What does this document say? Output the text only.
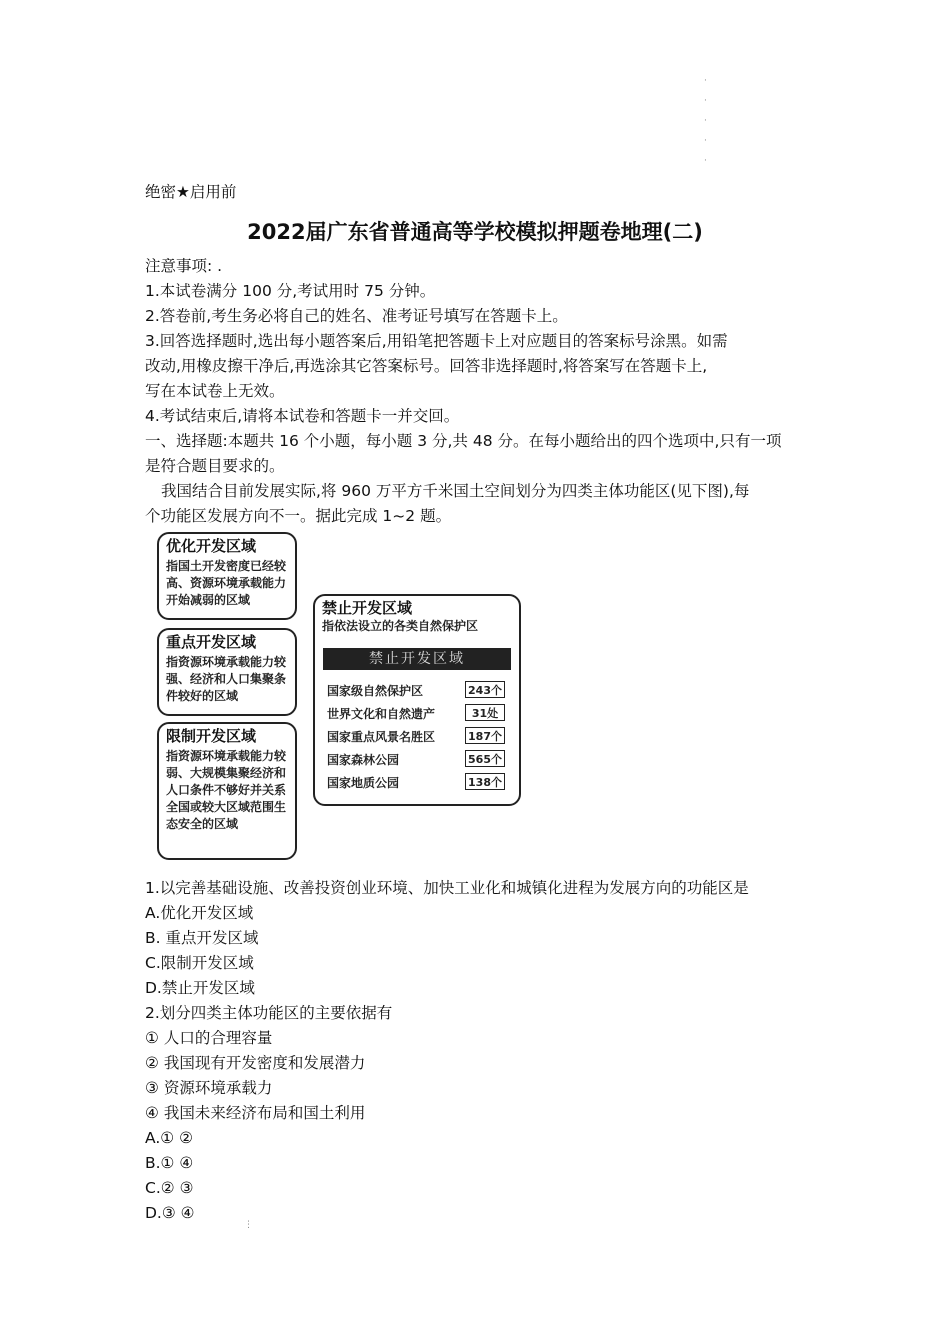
·
·
·
·
·
绝密★启用前
2022届广东省普通高等学校模拟押题卷地理(二)
注意事项: .
1.本试卷满分 100 分,考试用时 75 分钟。
2.答卷前,考生务必将自己的姓名、准考证号填写在答题卡上。
3.回答选择题时,选出每小题答案后,用铅笔把答题卡上对应题目的答案标号涂黑。如需
改动,用橡皮擦干净后,再选涂其它答案标号。回答非选择题时,将答案写在答题卡上,
写在本试卷上无效。
4.考试结束后,请将本试卷和答题卡一并交回。
一、选择题:本题共 16 个小题，每小题 3 分,共 48 分。在每小题给出的四个选项中,只有一项
是符合题目要求的。
我国结合目前发展实际,将 960 万平方千米国土空间划分为四类主体功能区(见下图),每
个功能区发展方向不一。据此完成 1~2 题。
优化开发区域
指国土开发密度已经较高、资源环境承载能力开始减弱的区域
重点开发区域
指资源环境承载能力较强、经济和人口集聚条件较好的区域
限制开发区域
指资源环境承载能力较弱、大规模集聚经济和人口条件不够好并关系全国或较大区域范围生态安全的区域
禁止开发区域
指依法设立的各类自然保护区
禁止开发区域
国家级自然保护区	243个
世界文化和自然遗产	31处
国家重点风景名胜区	187个
国家森林公园	565个
国家地质公园	138个
1.以完善基础设施、改善投资创业环境、加快工业化和城镇化进程为发展方向的功能区是
A.优化开发区域
B. 重点开发区域
C.限制开发区域
D.禁止开发区域
2.划分四类主体功能区的主要依据有
① 人口的合理容量
② 我国现有开发密度和发展潜力
③ 资源环境承载力
④ 我国未来经济布局和国土利用
A.① ②
B.① ④
C.② ③
D.③ ④
⋮
